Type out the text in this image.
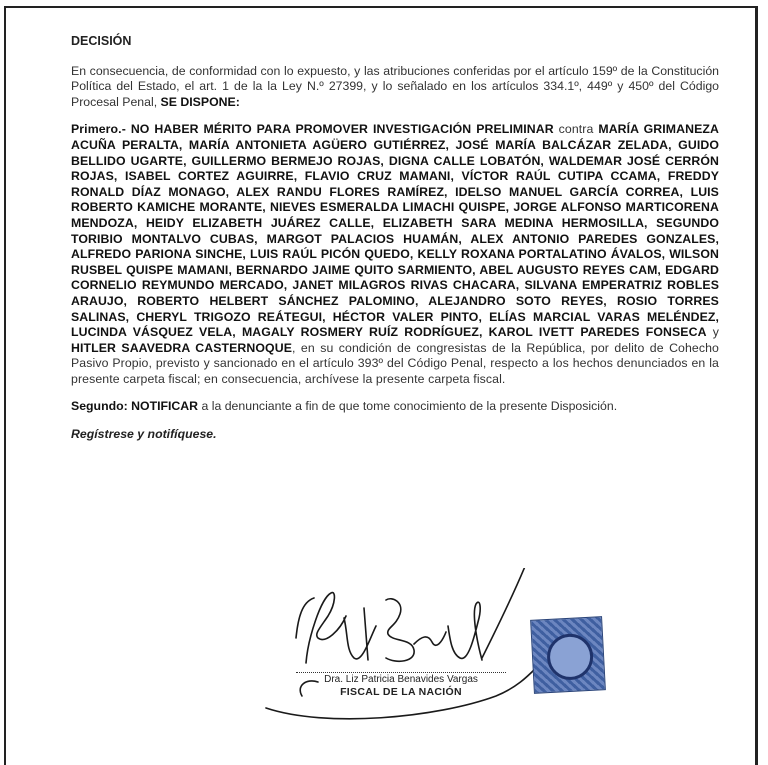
DECISIÓN

En consecuencia, de conformidad con lo expuesto, y las atribuciones conferidas por el artículo 159º de la Constitución Política del Estado, el art. 1 de la la Ley N.º 27399, y lo señalado en los artículos 334.1º, 449º y 450º del Código Procesal Penal, SE DISPONE:

Primero.- NO HABER MÉRITO PARA PROMOVER INVESTIGACIÓN PRELIMINAR contra MARÍA GRIMANEZA ACUÑA PERALTA, MARÍA ANTONIETA AGÜERO GUTIÉRREZ, JOSÉ MARÍA BALCÁZAR ZELADA, GUIDO BELLIDO UGARTE, GUILLERMO BERMEJO ROJAS, DIGNA CALLE LOBATÓN, WALDEMAR JOSÉ CERRÓN ROJAS, ISABEL CORTEZ AGUIRRE, FLAVIO CRUZ MAMANI, VÍCTOR RAÚL CUTIPA CCAMA, FREDDY RONALD DÍAZ MONAGO, ALEX RANDU FLORES RAMÍREZ, IDELSO MANUEL GARCÍA CORREA, LUIS ROBERTO KAMICHE MORANTE, NIEVES ESMERALDA LIMACHI QUISPE, JORGE ALFONSO MARTICORENA MENDOZA, HEIDY ELIZABETH JUÁREZ CALLE, ELIZABETH SARA MEDINA HERMOSILLA, SEGUNDO TORIBIO MONTALVO CUBAS, MARGOT PALACIOS HUAMÁN, ALEX ANTONIO PAREDES GONZALES, ALFREDO PARIONA SINCHE, LUIS RAÚL PICÓN QUEDO, KELLY ROXANA PORTALATINO ÁVALOS, WILSON RUSBEL QUISPE MAMANI, BERNARDO JAIME QUITO SARMIENTO, ABEL AUGUSTO REYES CAM, EDGARD CORNELIO REYMUNDO MERCADO, JANET MILAGROS RIVAS CHACARA, SILVANA EMPERATRIZ ROBLES ARAUJO, ROBERTO HELBERT SÁNCHEZ PALOMINO, ALEJANDRO SOTO REYES, ROSIO TORRES SALINAS, CHERYL TRIGOZO REÁTEGUI, HÉCTOR VALER PINTO, ELÍAS MARCIAL VARAS MELÉNDEZ, LUCINDA VÁSQUEZ VELA, MAGALY ROSMERY RUÍZ RODRÍGUEZ, KAROL IVETT PAREDES FONSECA y HITLER SAAVEDRA CASTERNOQUE, en su condición de congresistas de la República, por delito de Cohecho Pasivo Propio, previsto y sancionado en el artículo 393º del Código Penal, respecto a los hechos denunciados en la presente carpeta fiscal; en consecuencia, archívese la presente carpeta fiscal.

Segundo: NOTIFICAR a la denunciante a fin de que tome conocimiento de la presente Disposición.

Regístrese y notifíquese.

Dra. Liz Patricia Benavides Vargas
FISCAL DE LA NACIÓN
